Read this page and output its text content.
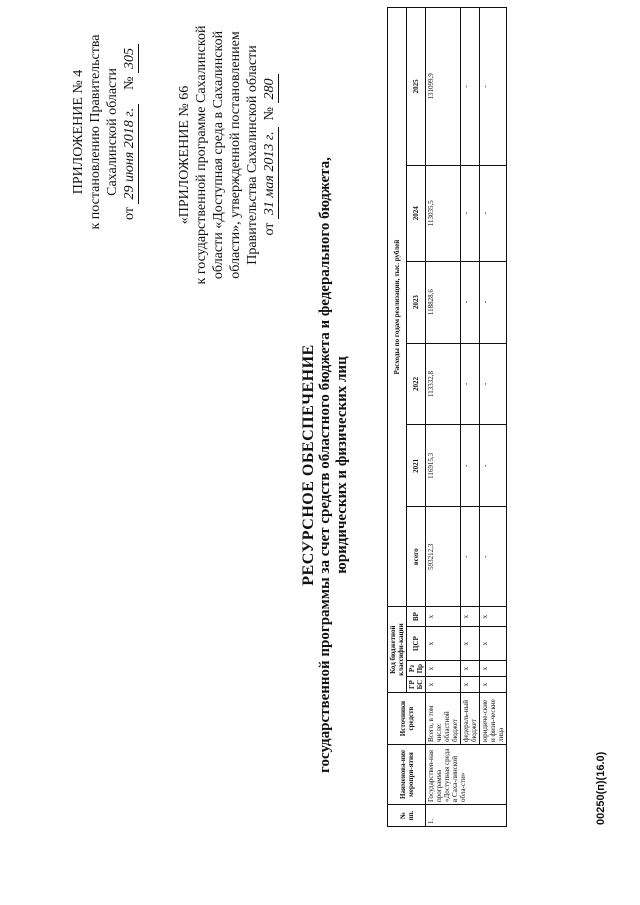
ПРИЛОЖЕНИЕ № 4 к постановлению Правительства Сахалинской области
от 29 июня 2018 г.    № 305
«ПРИЛОЖЕНИЕ № 66 к государственной программе Сахалинской области «Доступная среда в Сахалинской области», утвержденной постановлением Правительства Сахалинской области от 31 мая 2013 г.  № 280
РЕСУРСНОЕ ОБЕСПЕЧЕНИЕ государственной программы за счет средств областного бюджета и федерального бюджета, юридических и физических лиц
№ пп.	Наименова-ние меропри-ятия	Источники средств	Код бюджетной классифи-кации				Расходы по годам реализации, тыс. рублей					
			ГР БС	Рз Пр	ЦСР	ВР	всего	2021	2022	2023	2024	2025
1.	Государствен-ная программа «Доступная среда в Саха-линской обла-сти»	Всего, в том числе: областной бюджет	x	x	x	x	593212,3	116915,3	113332,8	118828,6	113035,5	131099,9
		федераль-ный бюджет	x	x	x	x	-	-	-	-	-	-
		юридиче-ские и физи-ческие лица	x	x	x	x	-	-	-	-	-	-
00250(п)(16.0)
